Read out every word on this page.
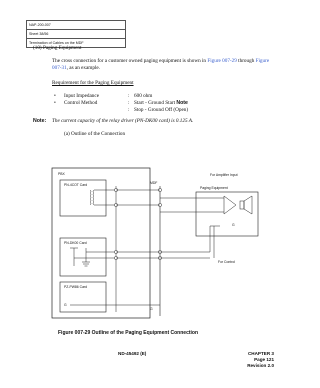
NAP-200-007
Sheet 38/56
Termination of Cables on the MDF
(10) Paging Equipment
The cross connection for a customer owned paging equipment is shown in Figure 007-29 through Figure
007-31, as an example.
Requirement for the Paging Equipment
• Input Impedance	: 600 ohm
• Control Method	: Start - Ground Start Note
: Stop - Ground Off (Open)
Note: The current capacity of the relay driver (PN-DK00 card) is 0.125 A.
(a) Outline of the Connection
PBX
PN-4COT Card
PN-DK00 Card
PZ-PW86 Card
G
MDF
G
For Amplifier Input
Paging Equipment
G
For Control
Figure 007-29 Outline of the Paging Equipment Connection
ND-45492 (E)	CHAPTER 3
Page 121
Revision 2.0
